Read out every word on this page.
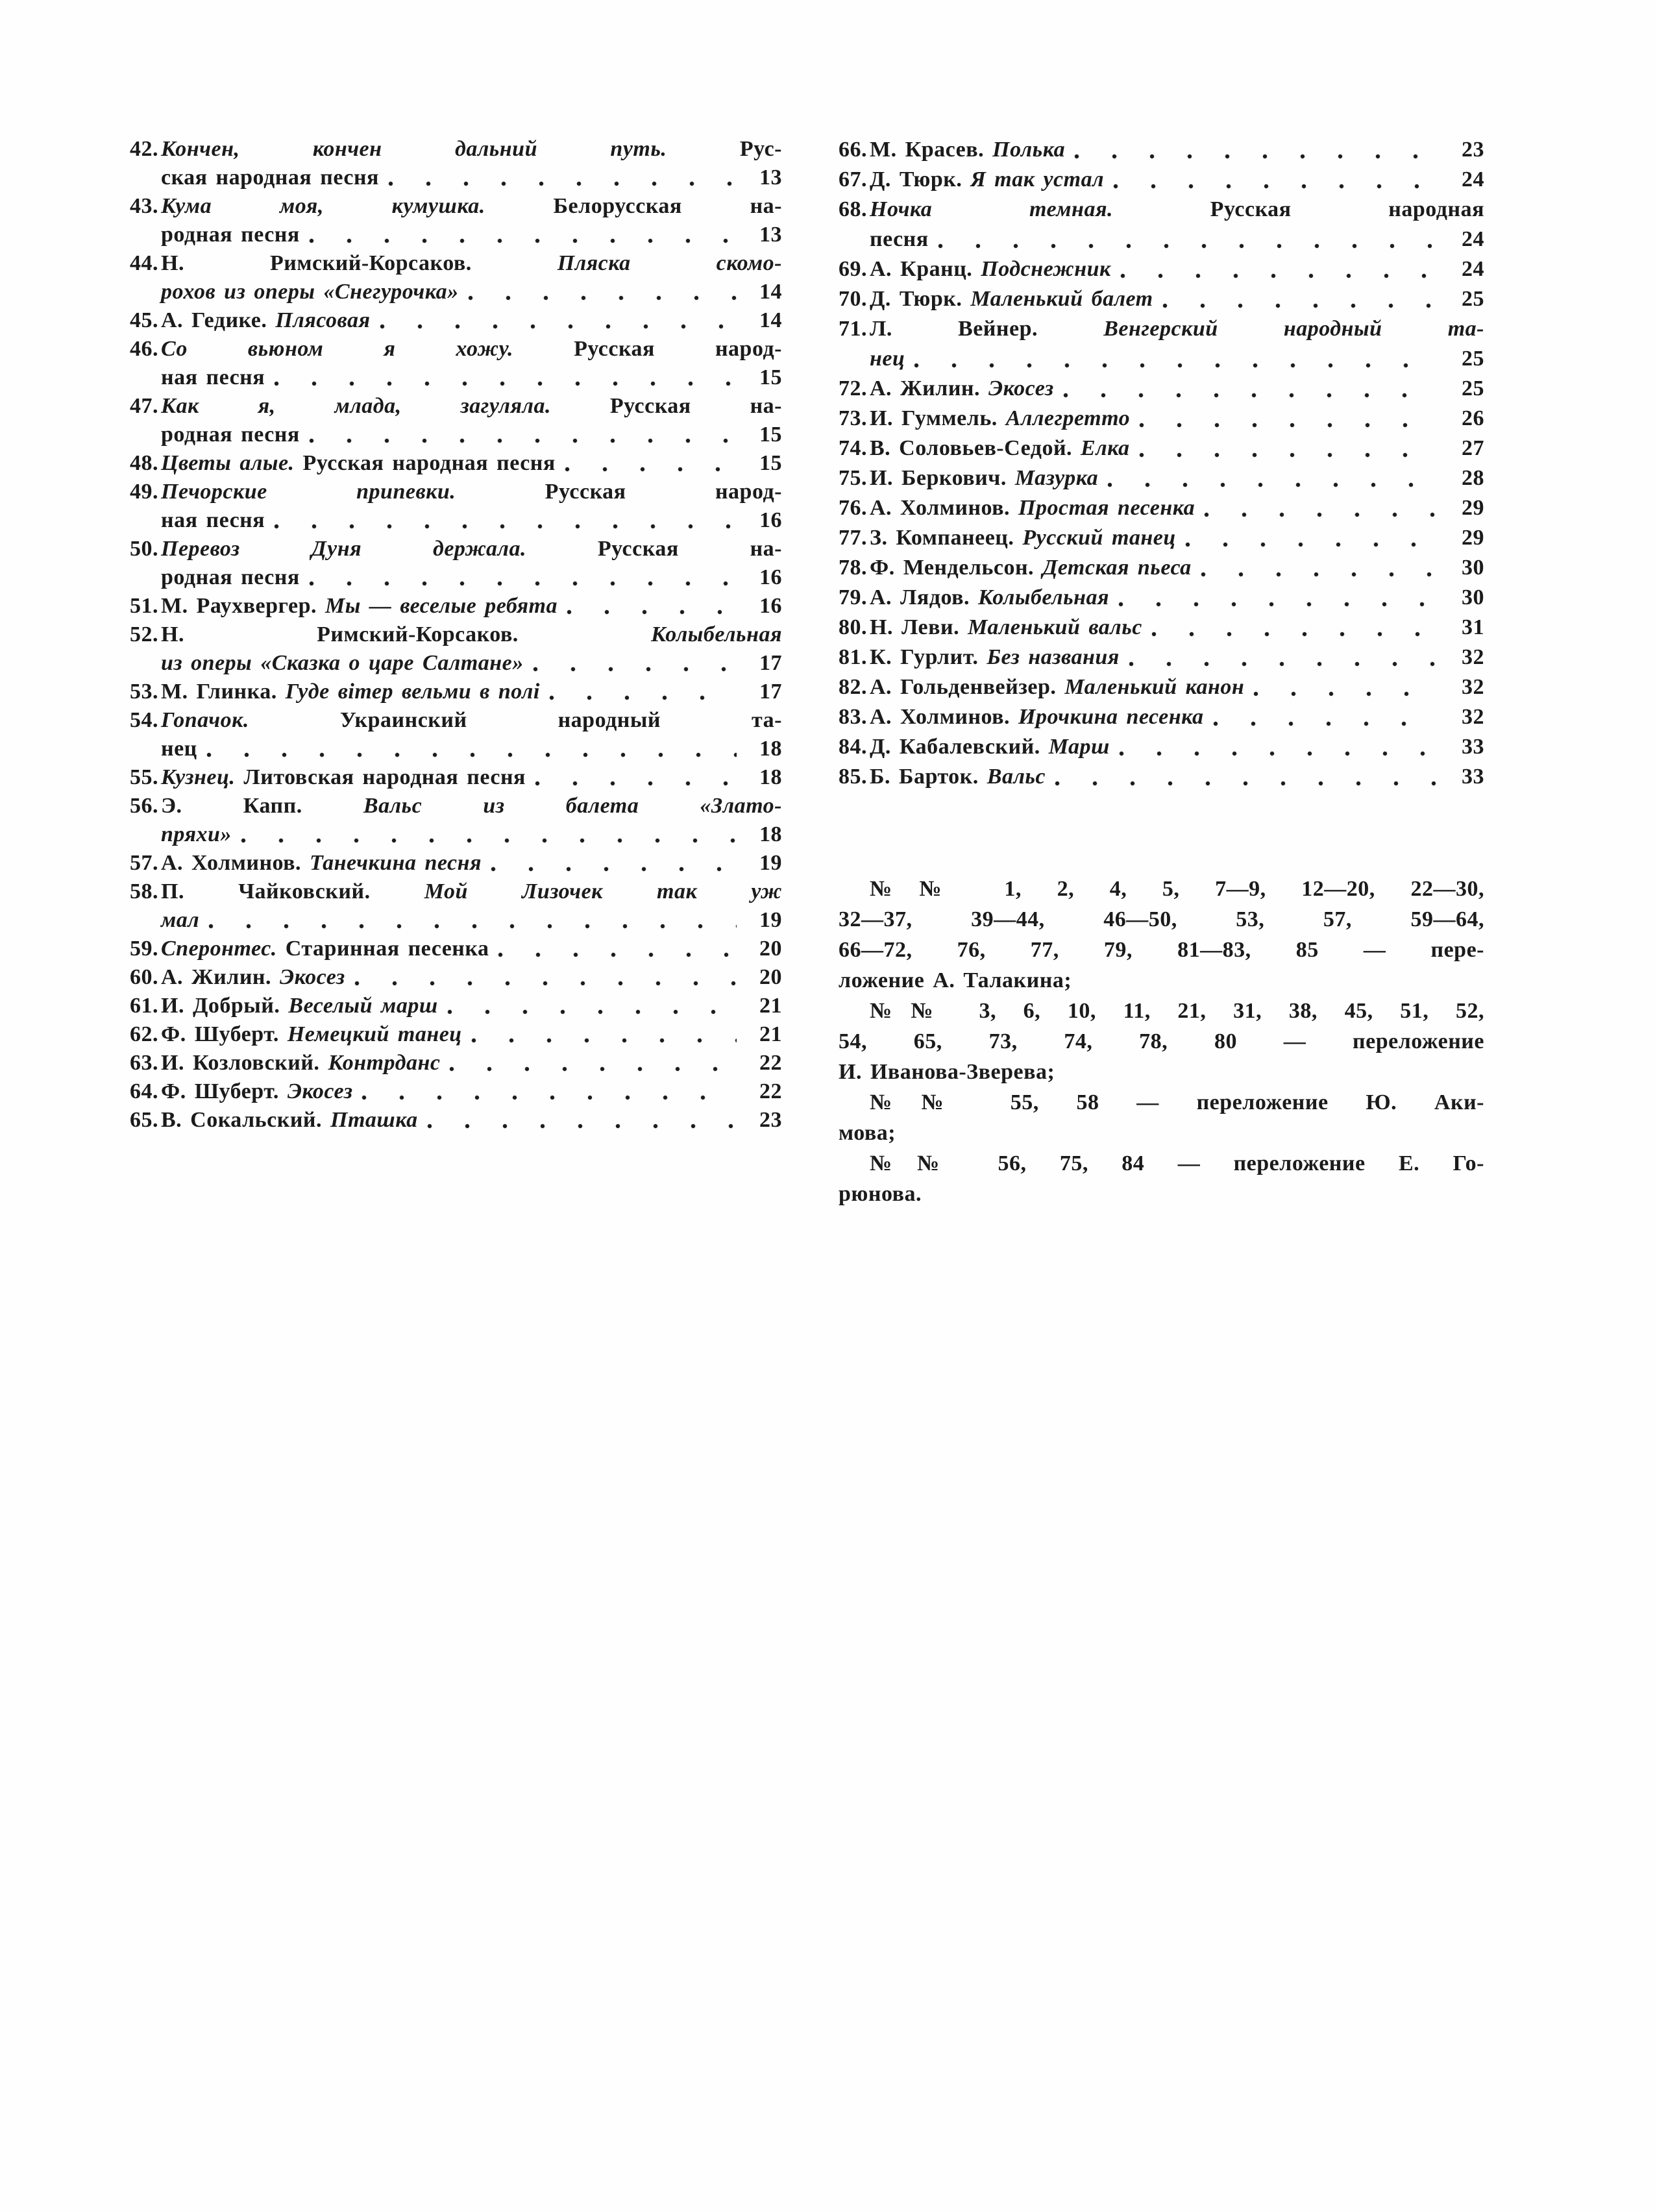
42. Кончен, кончен дальний путь. Рус-
ская народная песня	13
43. Кума моя, кумушка. Белорусская на-
родная песня	13
44. Н. Римский-Корсаков. Пляска скомо-
рохов из оперы «Снегурочка»	14
45. А. Гедике. Плясовая	14
46. Со вьюном я хожу. Русская народ-
ная песня	15
47. Как я, млада, загуляла. Русская на-
родная песня	15
48. Цветы алые. Русская народная песня	15
49. Печорские припевки. Русская народ-
ная песня	16
50. Перевоз Дуня держала. Русская на-
родная песня	16
51. М. Раухвергер. Мы — веселые ребята	16
52. Н. Римский-Корсаков. Колыбельная
из оперы «Сказка о царе Салтане»	17
53. М. Глинка. Гуде вітер вельми в полі	17
54. Гопачок. Украинский народный та-
нец	18
55. Кузнец. Литовская народная песня	18
56. Э. Капп. Вальс из балета «Злато-
пряхи»	18
57. А. Холминов. Танечкина песня	19
58. П. Чайковский. Мой Лизочек так уж
мал	19
59. Сперонтес. Старинная песенка	20
60. А. Жилин. Экосез	20
61. И. Добрый. Веселый марш	21
62. Ф. Шуберт. Немецкий танец	21
63. И. Козловский. Контрданс	22
64. Ф. Шуберт. Экосез	22
65. В. Сокальский. Пташка	23
66. М. Красев. Полька	23
67. Д. Тюрк. Я так устал	24
68. Ночка темная. Русская народная
песня	24
69. А. Кранц. Подснежник	24
70. Д. Тюрк. Маленький балет	25
71. Л. Вейнер. Венгерский народный та-
нец	25
72. А. Жилин. Экосез	25
73. И. Гуммель. Аллегретто	26
74. В. Соловьев-Седой. Елка	27
75. И. Беркович. Мазурка	28
76. А. Холминов. Простая песенка	29
77. З. Компанеец. Русский танец	29
78. Ф. Мендельсон. Детская пьеса	30
79. А. Лядов. Колыбельная	30
80. Н. Леви. Маленький вальс	31
81. К. Гурлит. Без названия	32
82. А. Гольденвейзер. Маленький канон	32
83. А. Холминов. Ирочкина песенка	32
84. Д. Кабалевский. Марш	33
85. Б. Барток. Вальс	33
№№ 1, 2, 4, 5, 7—9, 12—20, 22—30,
32—37, 39—44, 46—50, 53, 57, 59—64,
66—72, 76, 77, 79, 81—83, 85 — пере-
ложение А. Талакина;
№№ 3, 6, 10, 11, 21, 31, 38, 45, 51, 52,
54, 65, 73, 74, 78, 80 — переложение
И. Иванова-Зверева;
№№ 55, 58 — переложение Ю. Аки-
мова;
№№ 56, 75, 84 — переложение Е. Го-
рюнова.
